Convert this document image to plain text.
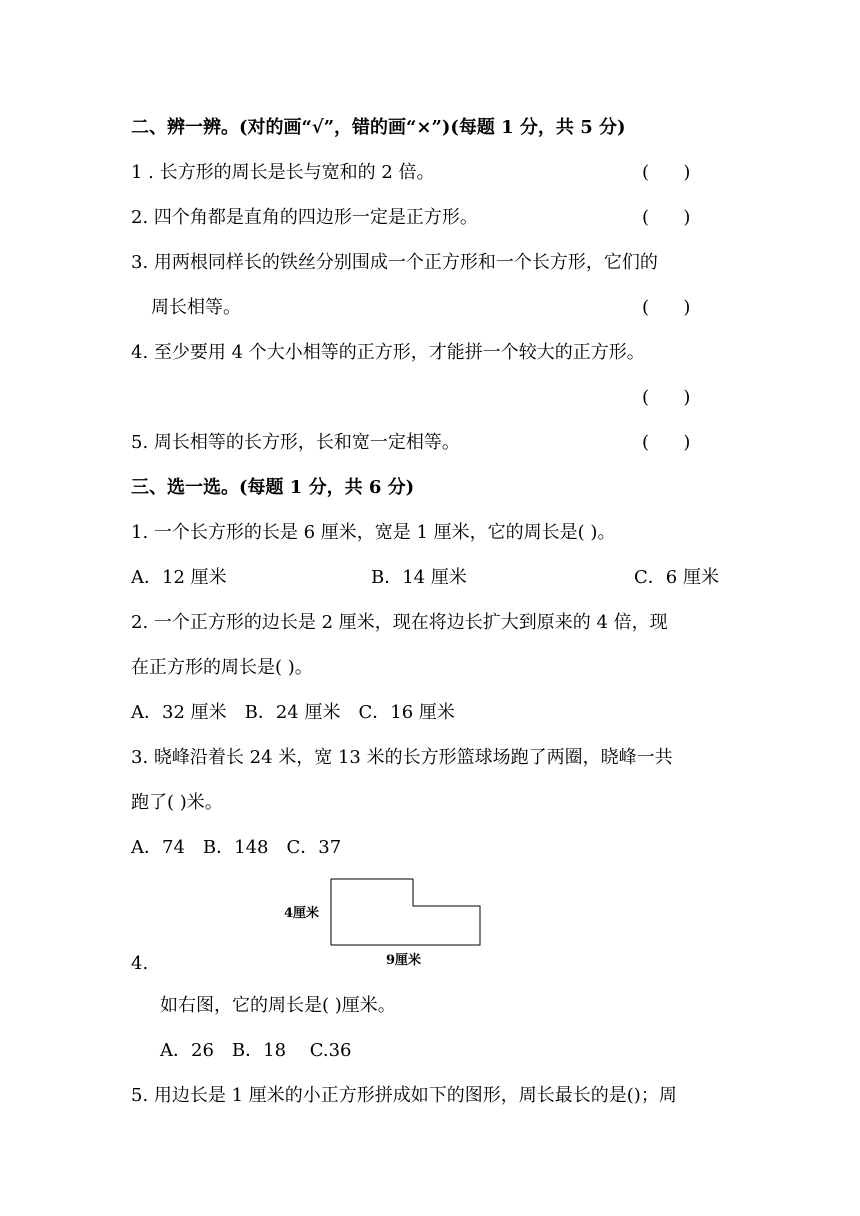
二、辨一辨。(对的画“√”，错的画“×”)(每题 1 分，共 5 分)
1 . 长方形的周长是长与宽和的 2 倍。	(      )
2. 四个角都是直角的四边形一定是正方形。	(      )
3. 用两根同样长的铁丝分别围成一个正方形和一个长方形，它们的
周长相等。	(      )
4. 至少要用 4 个大小相等的正方形，才能拼一个较大的正方形。
(      )
5. 周长相等的长方形，长和宽一定相等。	(      )
三、选一选。(每题 1 分，共 6 分)
1. 一个长方形的长是 6 厘米，宽是 1 厘米，它的周长是( )。
A．12 厘米	B．14 厘米	C．6 厘米
2. 一个正方形的边长是 2 厘米，现在将边长扩大到原来的 4 倍，现
在正方形的周长是( )。
A．32 厘米　B．24 厘米　C．16 厘米
3. 晓峰沿着长 24 米，宽 13 米的长方形篮球场跑了两圈，晓峰一共
跑了( )米。
A．74　B．148　C．37
4厘米
9厘米
4.
如右图，它的周长是( )厘米。
A．26　B．18　 C.36
5. 用边长是 1 厘米的小正方形拼成如下的图形，周长最长的是()；周
